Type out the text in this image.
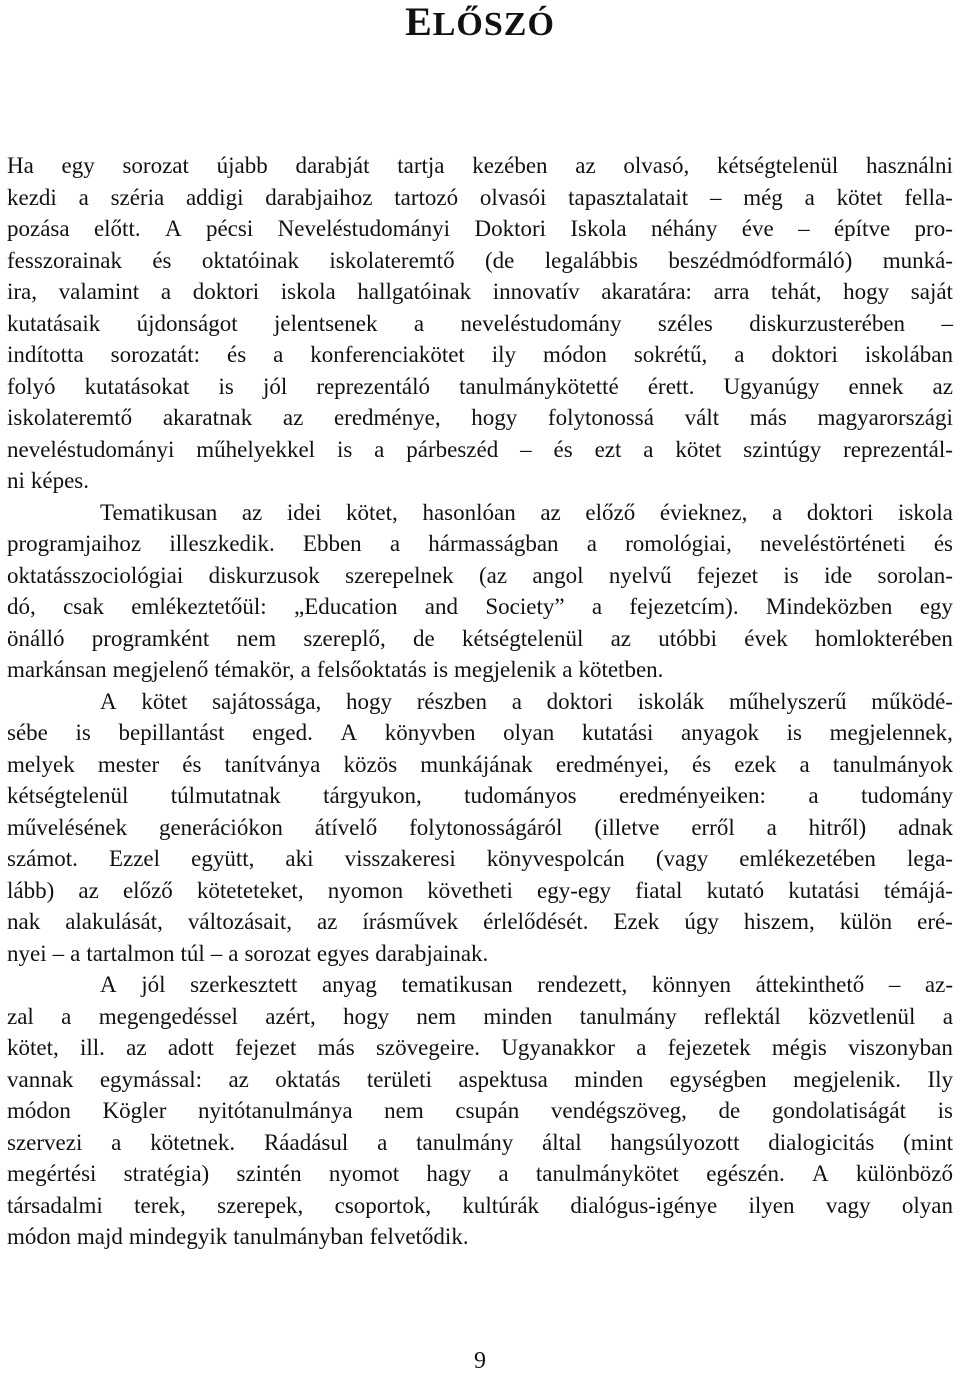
ELŐSZÓ
Ha egy sorozat újabb darabját tartja kezében az olvasó, kétségtelenül használni
kezdi a széria addigi darabjaihoz tartozó olvasói tapasztalatait – még a kötet fella-
pozása előtt. A pécsi Neveléstudományi Doktori Iskola néhány éve – építve pro-
fesszorainak és oktatóinak iskolateremtő (de legalábbis beszédmódformáló) munká-
ira, valamint a doktori iskola hallgatóinak innovatív akaratára: arra tehát, hogy saját
kutatásaik újdonságot jelentsenek a neveléstudomány széles diskurzusterében –
indította sorozatát: és a konferenciakötet ily módon sokrétű, a doktori iskolában
folyó kutatásokat is jól reprezentáló tanulmánykötetté érett. Ugyanúgy ennek az
iskolateremtő akaratnak az eredménye, hogy folytonossá vált más magyarországi
neveléstudományi műhelyekkel is a párbeszéd – és ezt a kötet szintúgy reprezentál-
ni képes.
Tematikusan az idei kötet, hasonlóan az előző évieknez, a doktori iskola
programjaihoz illeszkedik. Ebben a hármasságban a romológiai, neveléstörténeti és
oktatásszociológiai diskurzusok szerepelnek (az angol nyelvű fejezet is ide sorolan-
dó, csak emlékeztetőül: „Education and Society” a fejezetcím). Mindeközben egy
önálló programként nem szereplő, de kétségtelenül az utóbbi évek homlokterében
markánsan megjelenő témakör, a felsőoktatás is megjelenik a kötetben.
A kötet sajátossága, hogy részben a doktori iskolák műhelyszerű működé-
sébe is bepillantást enged. A könyvben olyan kutatási anyagok is megjelennek,
melyek mester és tanítványa közös munkájának eredményei, és ezek a tanulmányok
kétségtelenül túlmutatnak tárgyukon, tudományos eredményeiken: a tudomány
művelésének generációkon átívelő folytonosságáról (illetve erről a hitről) adnak
számot. Ezzel együtt, aki visszakeresi könyvespolcán (vagy emlékezetében lega-
lább) az előző köteteteket, nyomon követheti egy-egy fiatal kutató kutatási témájá-
nak alakulását, változásait, az írásművek érlelődését. Ezek úgy hiszem, külön eré-
nyei – a tartalmon túl – a sorozat egyes darabjainak.
A jól szerkesztett anyag tematikusan rendezett, könnyen áttekinthető – az-
zal a megengedéssel azért, hogy nem minden tanulmány reflektál közvetlenül a
kötet, ill. az adott fejezet más szövegeire. Ugyanakkor a fejezetek mégis viszonyban
vannak egymással: az oktatás területi aspektusa minden egységben megjelenik. Ily
módon Kögler nyitótanulmánya nem csupán vendégszöveg, de gondolatiságát is
szervezi a kötetnek. Ráadásul a tanulmány által hangsúlyozott dialogicitás (mint
megértési stratégia) szintén nyomot hagy a tanulmánykötet egészén. A különböző
társadalmi terek, szerepek, csoportok, kultúrák dialógus-igénye ilyen vagy olyan
módon majd mindegyik tanulmányban felvetődik.
9
